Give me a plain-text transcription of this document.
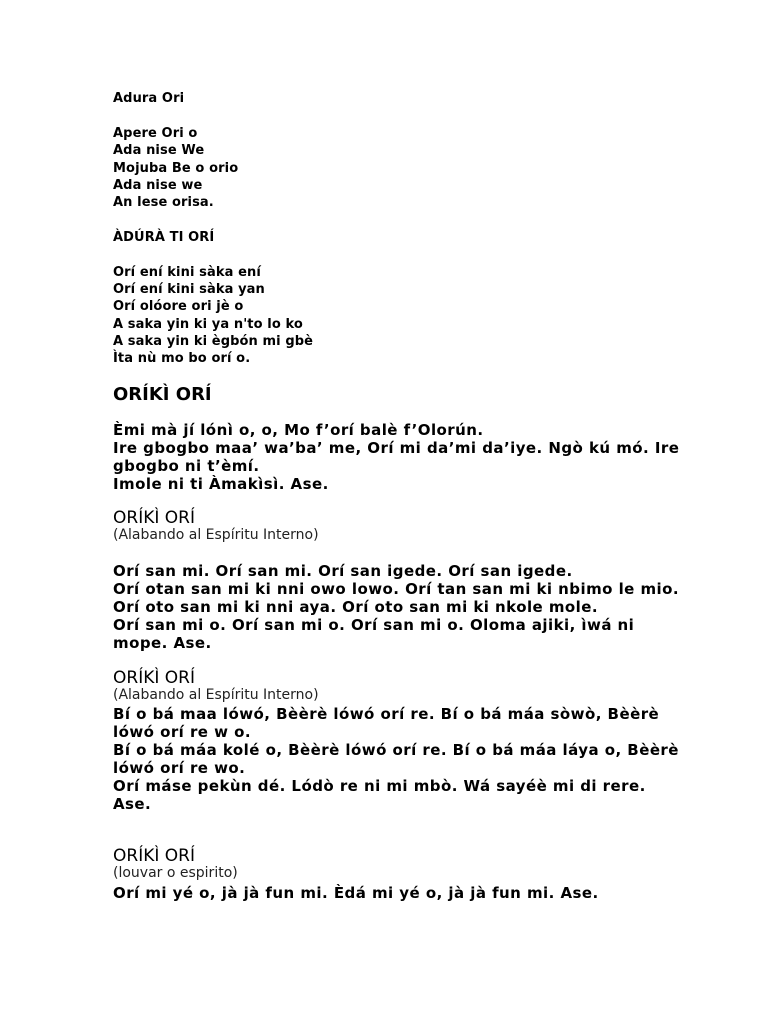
Adura Ori
Apere Ori o
Ada nise We
Mojuba Be o orio
Ada nise we
An lese orisa.
ÀDÚRÀ TI ORÍ
Orí ení kini sàka ení
Orí ení kini sàka yan
Orí olóore ori jè o
A saka yin ki ya n'to lo ko
A saka yin ki ègbón mi gbè
Ìta nù mo bo orí o.
ORÍKÌ ORÍ
Èmi mà jí lónì o, o, Mo f’orí balè f’Olorún.
Ire gbogbo maa’ wa’ba’ me, Orí mi da’mi da’iye. Ngò kú mó. Ire
gbogbo ni t’èmí.
Imole ni ti Àmakìsì. Ase.
ORÍKÌ ORÍ
(Alabando al Espíritu Interno)
Orí san mi. Orí san mi. Orí san igede. Orí san igede.
Orí otan san mi ki nni owo lowo. Orí tan san mi ki nbimo le mio.
Orí oto san mi ki nni aya. Orí oto san mi ki nkole mole.
Orí san mi o. Orí san mi o. Orí san mi o. Oloma ajiki, ìwá ni
mope. Ase.
ORÍKÌ ORÍ
(Alabando al Espíritu Interno)
Bí o bá maa lówó, Bèèrè lówó orí re. Bí o bá máa sòwò, Bèèrè
lówó orí re w o.
Bí o bá máa kolé o, Bèèrè lówó orí re. Bí o bá máa láya o, Bèèrè
lówó orí re wo.
Orí máse pekùn dé. Lódò re ni mi mbò. Wá sayéè mi di rere.
Ase.
ORÍKÌ ORÍ
(louvar o espirito)
Orí mi yé o, jà jà fun mi. Èdá mi yé o, jà jà fun mi. Ase.
